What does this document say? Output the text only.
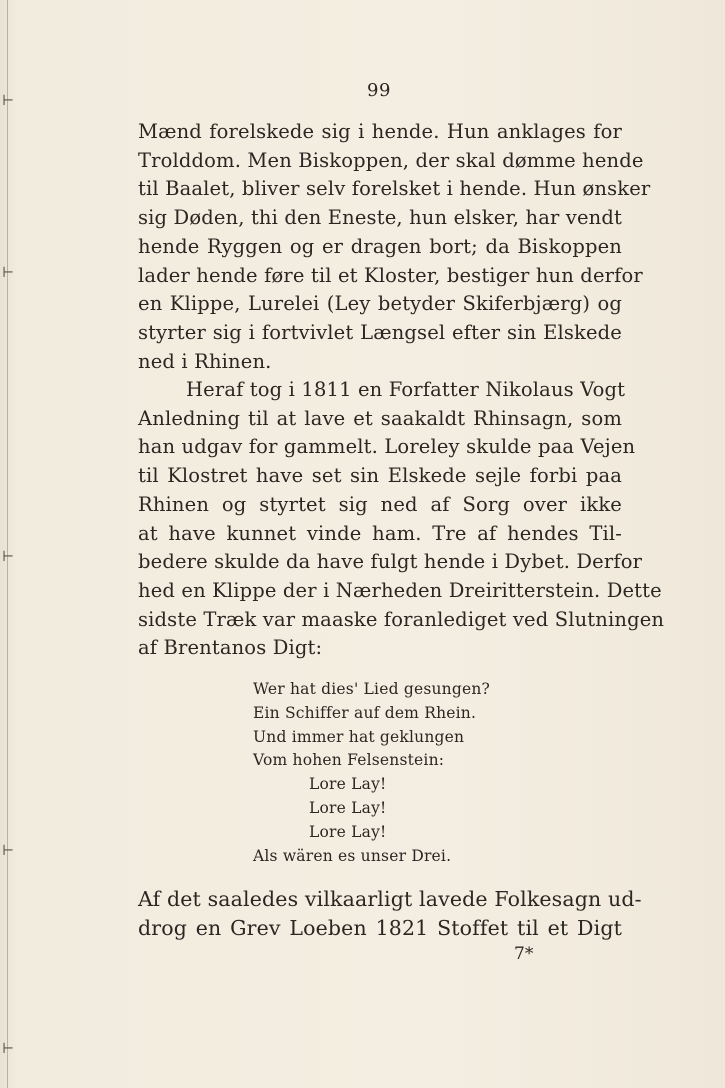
⊢
⊢
⊢
⊢
⊢
99
Mænd forelskede sig i hende. Hun anklages for
Trolddom. Men Biskoppen, der skal dømme hende
til Baalet, bliver selv forelsket i hende. Hun ønsker
sig Døden, thi den Eneste, hun elsker, har vendt
hende Ryggen og er dragen bort; da Biskoppen
lader hende føre til et Kloster, bestiger hun derfor
en Klippe, Lurelei (Ley betyder Skiferbjærg) og
styrter sig i fortvivlet Længsel efter sin Elskede
ned i Rhinen.
Heraf tog i 1811 en Forfatter Nikolaus Vogt
Anledning til at lave et saakaldt Rhinsagn, som
han udgav for gammelt. Loreley skulde paa Vejen
til Klostret have set sin Elskede sejle forbi paa
Rhinen og styrtet sig ned af Sorg over ikke
at have kunnet vinde ham. Tre af hendes Til-
bedere skulde da have fulgt hende i Dybet. Derfor
hed en Klippe der i Nærheden Dreiritterstein. Dette
sidste Træk var maaske foranlediget ved Slutningen
af Brentanos Digt:
Wer hat dies' Lied gesungen?
Ein Schiffer auf dem Rhein.
Und immer hat geklungen
Vom hohen Felsenstein:
Lore Lay!
Lore Lay!
Lore Lay!
Als wären es unser Drei.
Af det saaledes vilkaarligt lavede Folkesagn ud-
drog en Grev Loeben 1821 Stoffet til et Digt
7*
